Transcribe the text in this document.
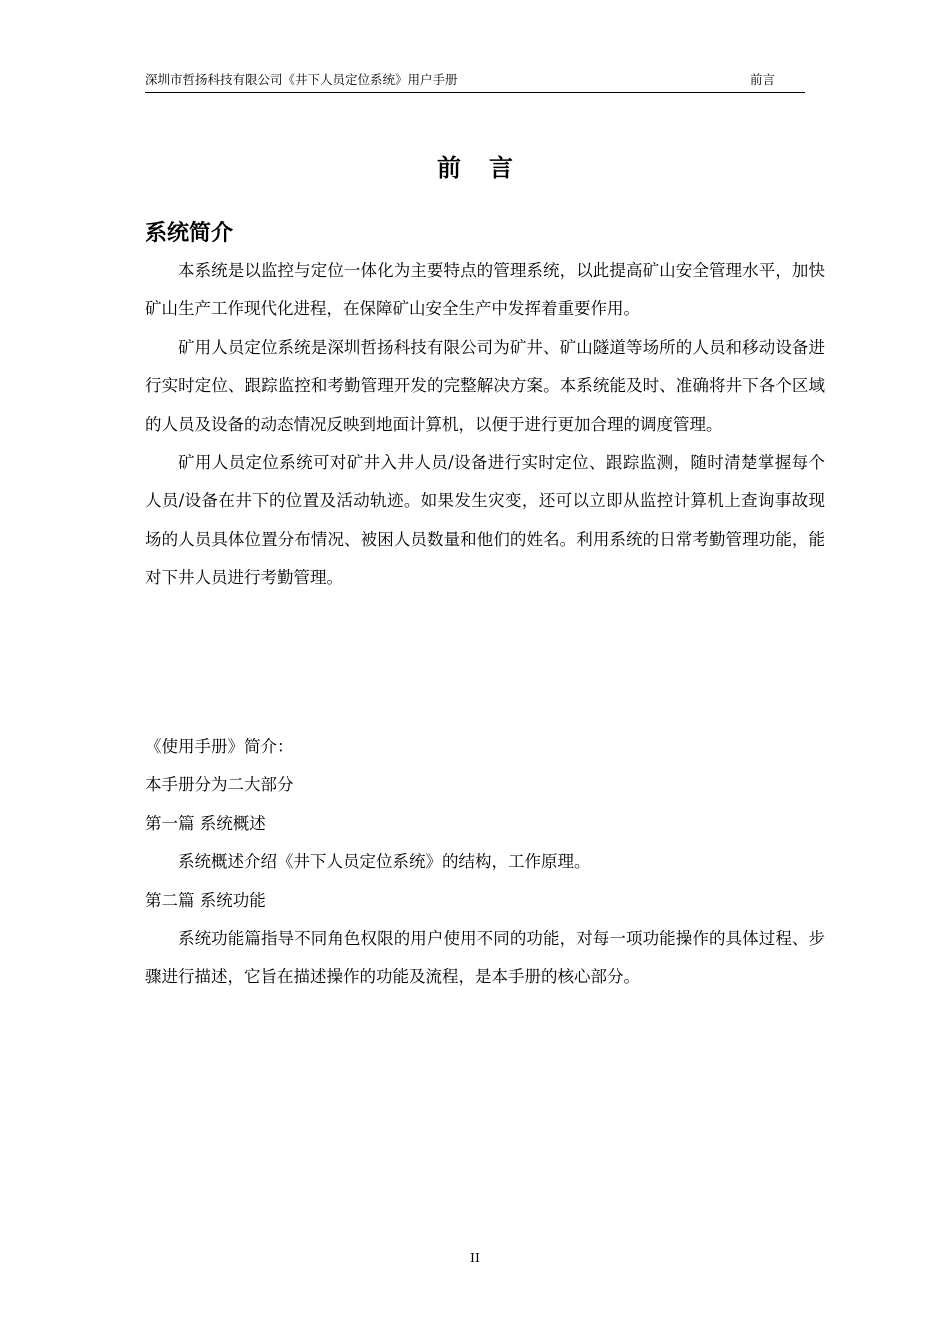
深圳市哲扬科技有限公司《井下人员定位系统》用户手册	前言
前言
系统简介

本系统是以监控与定位一体化为主要特点的管理系统，以此提高矿山安全管理水平，加快矿山生产工作现代化进程，在保障矿山安全生产中发挥着重要作用。

矿用人员定位系统是深圳哲扬科技有限公司为矿井、矿山隧道等场所的人员和移动设备进行实时定位、跟踪监控和考勤管理开发的完整解决方案。本系统能及时、准确将井下各个区域的人员及设备的动态情况反映到地面计算机，以便于进行更加合理的调度管理。

矿用人员定位系统可对矿井入井人员/设备进行实时定位、跟踪监测，随时清楚掌握每个人员/设备在井下的位置及活动轨迹。如果发生灾变，还可以立即从监控计算机上查询事故现场的人员具体位置分布情况、被困人员数量和他们的姓名。利用系统的日常考勤管理功能，能对下井人员进行考勤管理。

《使用手册》简介：

本手册分为二大部分

第一篇 系统概述

系统概述介绍《井下人员定位系统》的结构，工作原理。

第二篇 系统功能

系统功能篇指导不同角色权限的用户使用不同的功能，对每一项功能操作的具体过程、步骤进行描述，它旨在描述操作的功能及流程，是本手册的核心部分。

II
